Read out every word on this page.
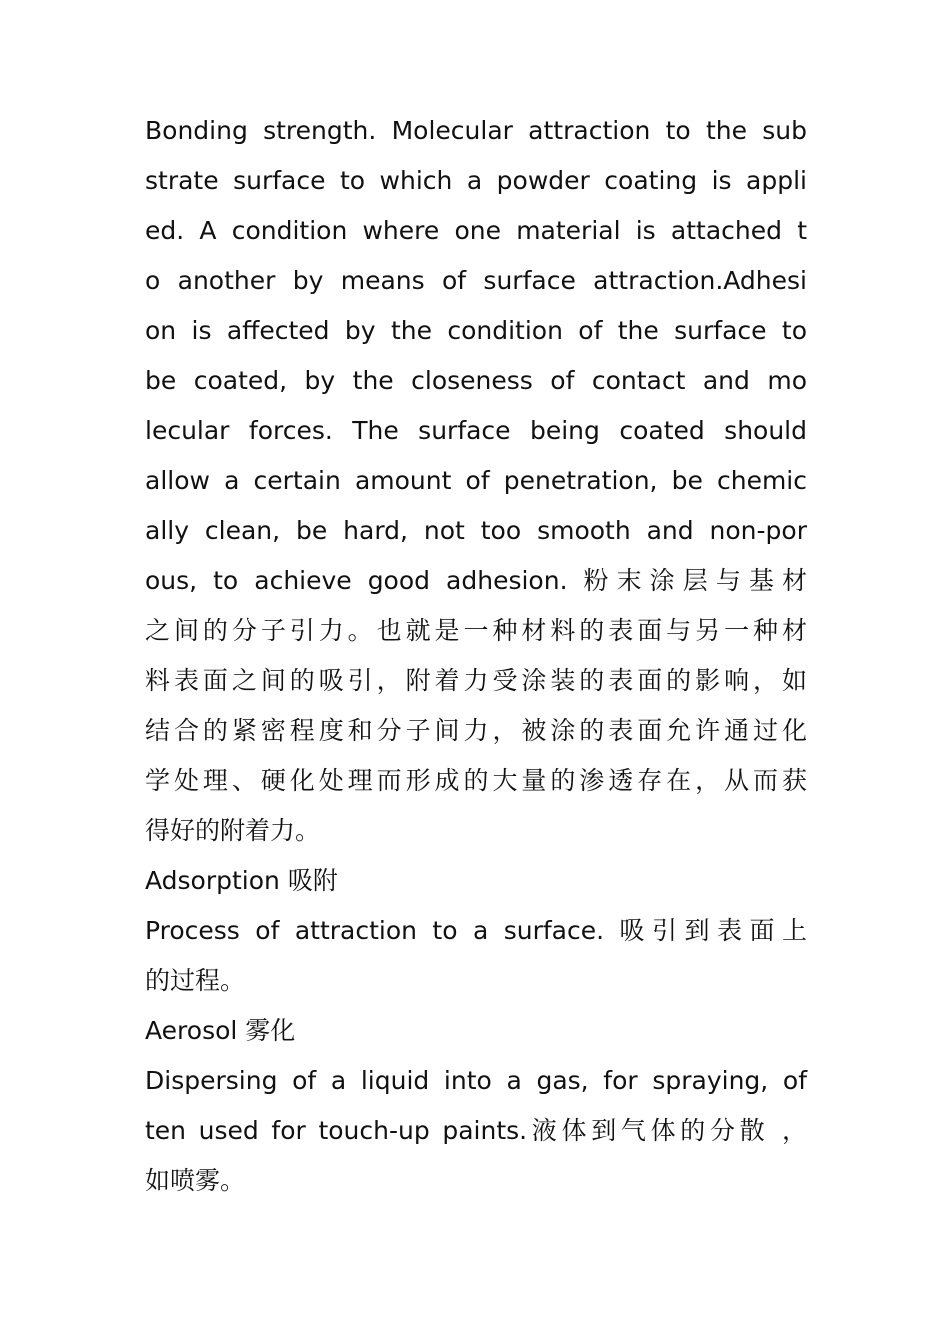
Bonding strength. Molecular attraction to the sub
strate surface to which a powder coating is appli
ed. A condition where one material is attached t
o another by means of surface attraction.Adhesi
on is affected by the condition of the surface to
be coated, by the closeness of contact and mo
lecular forces. The surface being coated should
allow a certain amount of penetration, be chemic
ally clean, be hard, not too smooth and non-por
ous, to achieve good adhesion. 粉末涂层与基材
之间的分子引力。也就是一种材料的表面与另一种材
料表面之间的吸引，附着力受涂装的表面的影响，如
结合的紧密程度和分子间力，被涂的表面允许通过化
学处理、硬化处理而形成的大量的渗透存在，从而获
得好的附着力。
Adsorption 吸附
Process of attraction to a surface. 吸引到表面上
的过程。
Aerosol 雾化
Dispersing of a liquid into a gas, for spraying, of
ten used for touch-up paints.液体到气体的分散 ，
如喷雾。
